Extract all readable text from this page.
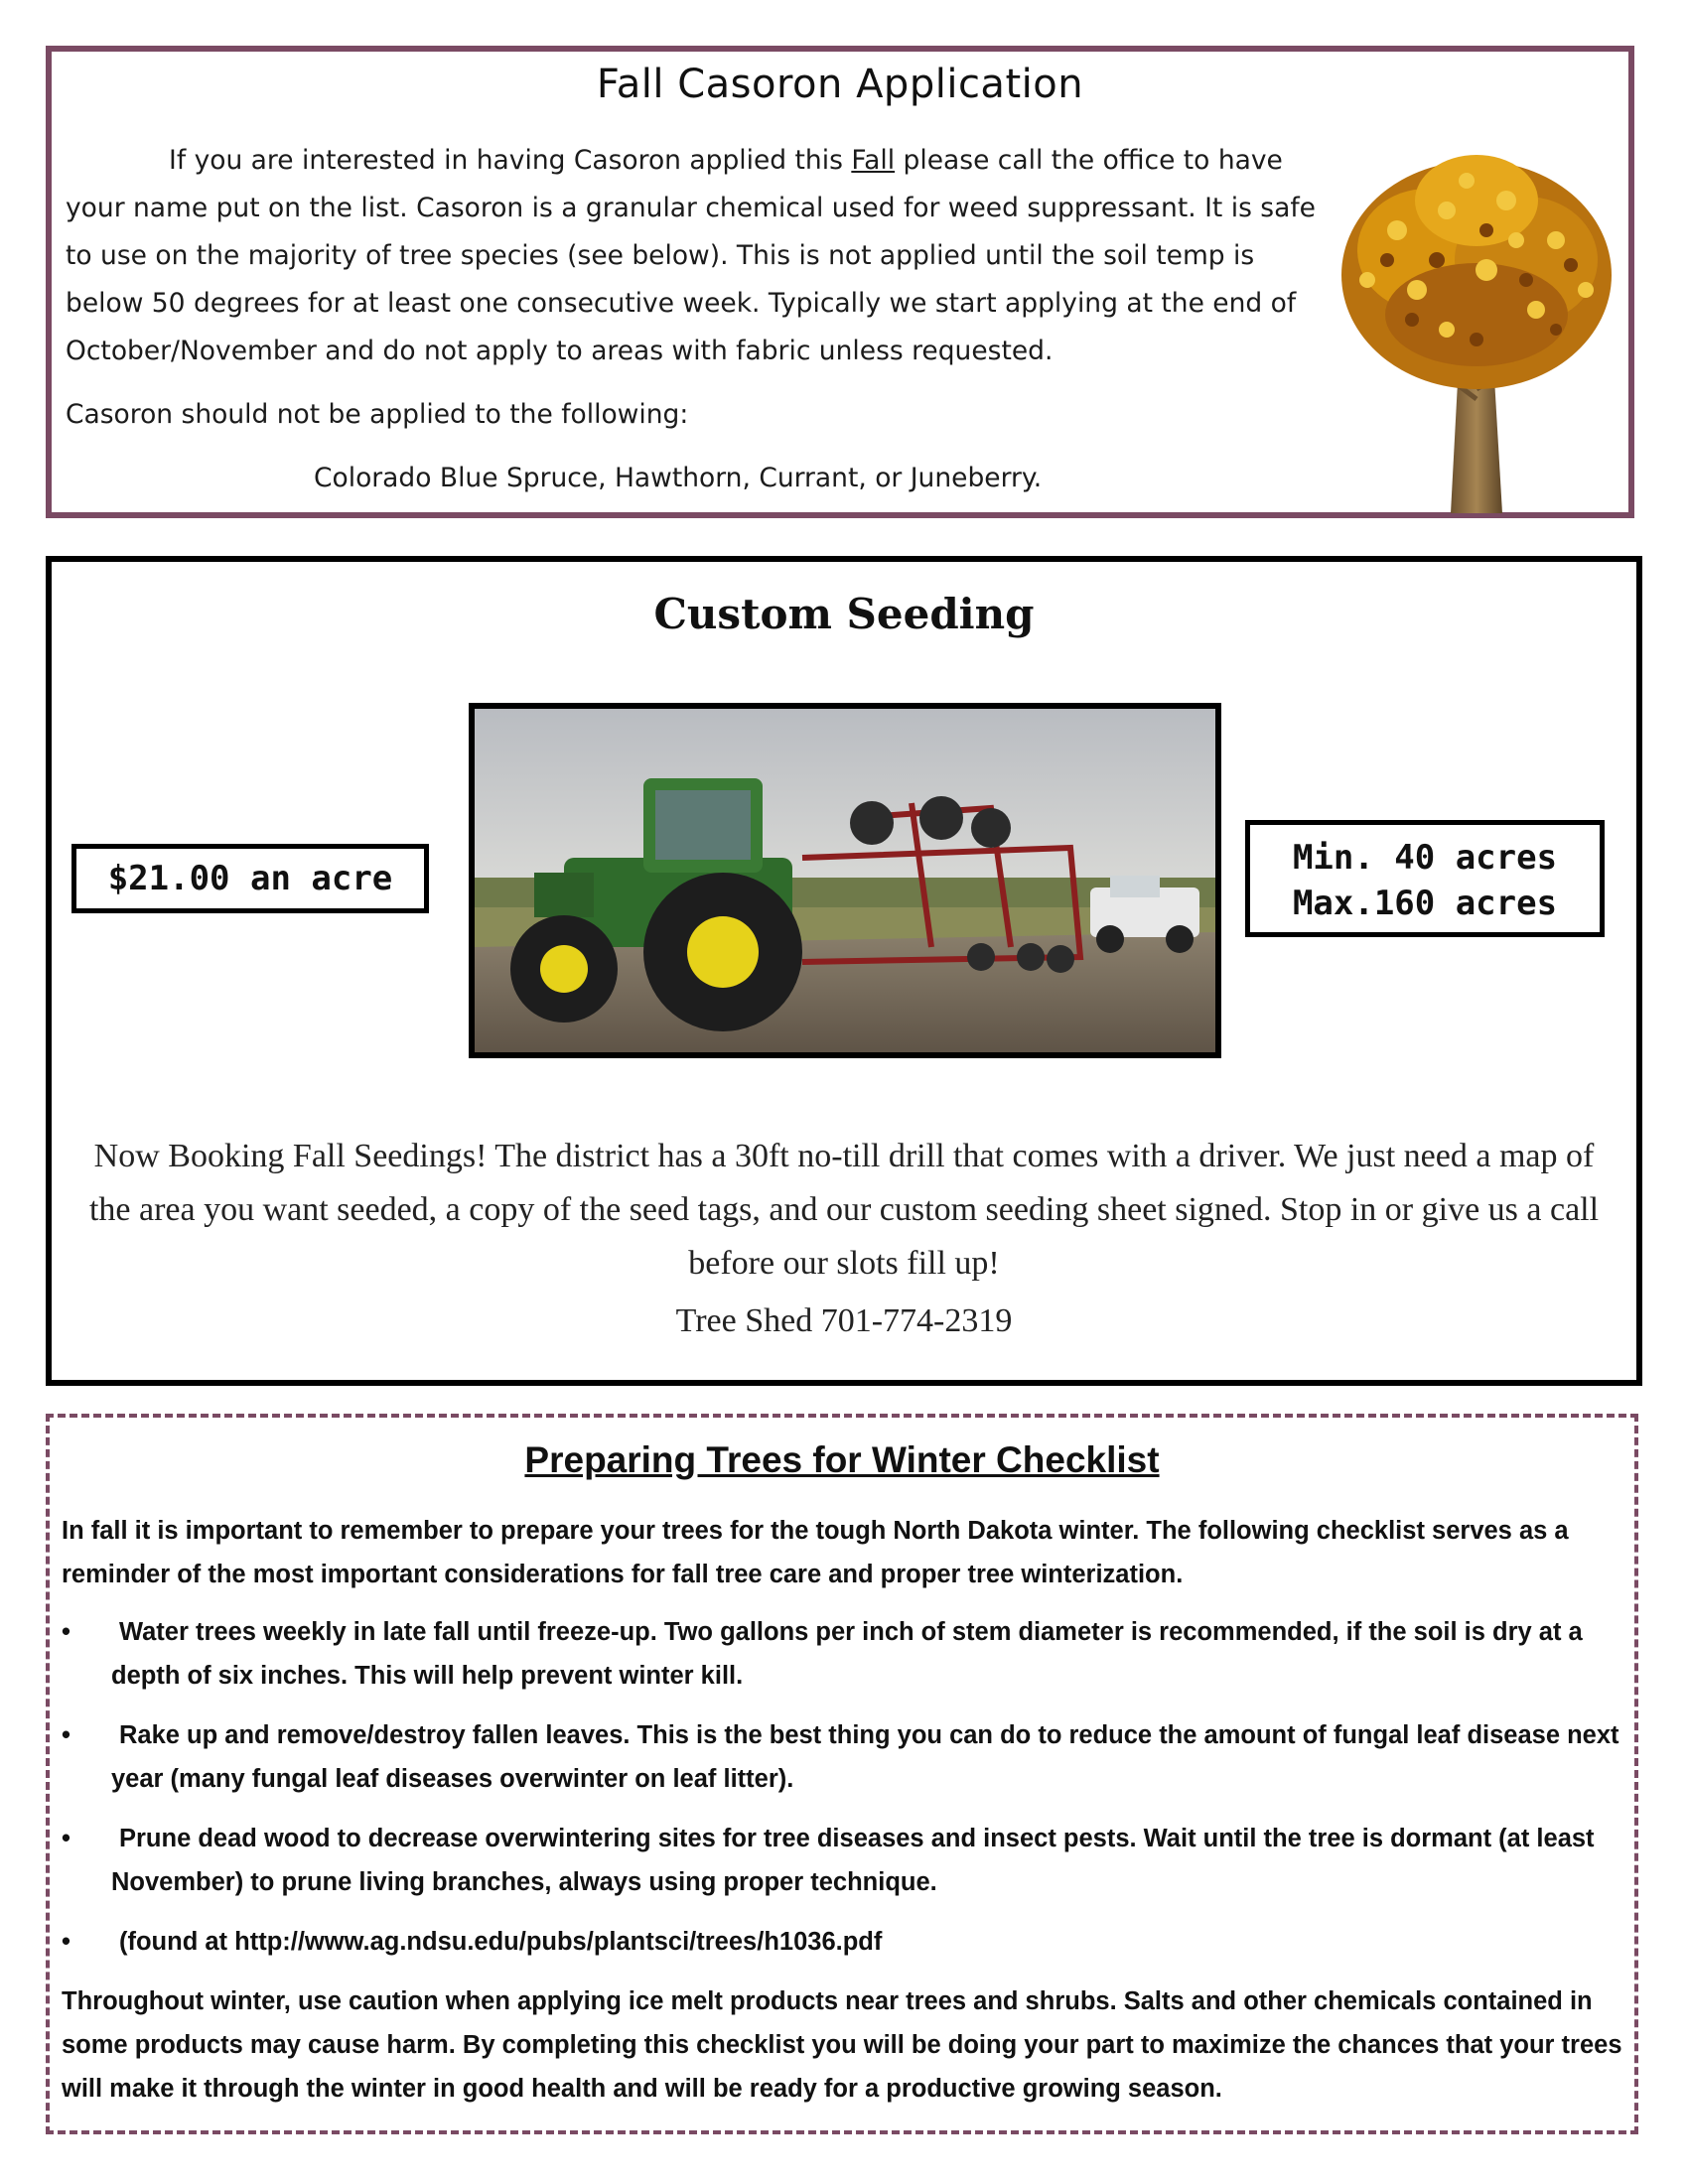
Fall Casoron Application

If you are interested in having Casoron applied this Fall please call the office to have your name put on the list. Casoron is a granular chemical used for weed suppressant. It is safe to use on the majority of tree species (see below). This is not applied until the soil temp is below 50 degrees for at least one consecutive week. Typically we start applying at the end of October/November and do not apply to areas with fabric unless requested.

Casoron should not be applied to the following:

Colorado Blue Spruce, Hawthorn, Currant, or Juneberry.

Custom Seeding
$21.00 an acre
Min. 40 acres
Max.160 acres
Now Booking Fall Seedings! The district has a 30ft no-till drill that comes with a driver. We just need a map of the area you want seeded, a copy of the seed tags, and our custom seeding sheet signed. Stop in or give us a call before our slots fill up!
Tree Shed 701-774-2319
Preparing Trees for Winter Checklist

In fall it is important to remember to prepare your trees for the tough North Dakota winter. The following checklist serves as a reminder of the most important considerations for fall tree care and proper tree winterization.

•	Water trees weekly in late fall until freeze-up. Two gallons per inch of stem diameter is recommended, if the soil is dry at a depth of six inches. This will help prevent winter kill.
•	Rake up and remove/destroy fallen leaves. This is the best thing you can do to reduce the amount of fungal leaf disease next year (many fungal leaf diseases overwinter on leaf litter).
•	Prune dead wood to decrease overwintering sites for tree diseases and insect pests. Wait until the tree is dormant (at least November) to prune living branches, always using proper technique.
•	(found at http://www.ag.ndsu.edu/pubs/plantsci/trees/h1036.pdf

Throughout winter, use caution when applying ice melt products near trees and shrubs. Salts and other chemicals contained in some products may cause harm. By completing this checklist you will be doing your part to maximize the chances that your trees will make it through the winter in good health and will be ready for a productive growing season.
